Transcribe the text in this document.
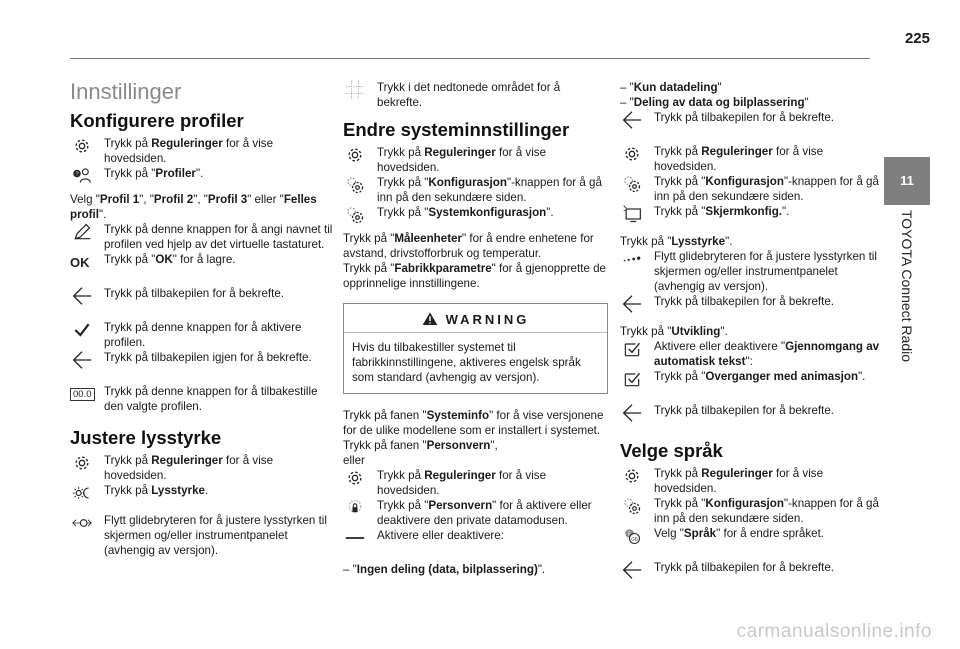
225
11
TOYOTA Connect Radio
Innstillinger
Konfigurere profiler
Trykk på Reguleringer for å vise hovedsiden.
Trykk på "Profiler".

Velg "Profil 1", "Profil 2", "Profil 3" eller "Felles profil".

Trykk på denne knappen for å angi navnet til profilen ved hjelp av det virtuelle tastaturet.
OK Trykk på "OK" for å lagre.
Trykk på tilbakepilen for å bekrefte.
Trykk på denne knappen for å aktivere profilen.
Trykk på tilbakepilen igjen for å bekrefte.
00.0 Trykk på denne knappen for å tilbakestille den valgte profilen.
Justere lysstyrke
Trykk på Reguleringer for å vise hovedsiden.
Trykk på Lysstyrke.
Flytt glidebryteren for å justere lysstyrken til skjermen og/eller instrumentpanelet (avhengig av versjon).
Trykk i det nedtonede området for å bekrefte.
Endre systeminnstillinger
Trykk på Reguleringer for å vise hovedsiden.
Trykk på "Konfigurasjon"-knappen for å gå inn på den sekundære siden.
Trykk på "Systemkonfigurasjon".

Trykk på "Måleenheter" for å endre enhetene for avstand, drivstofforbruk og temperatur.

Trykk på "Fabrikkparametre" for å gjenopprette de opprinnelige innstillingene.

WARNING
Hvis du tilbakestiller systemet til fabrikkinnstillingene, aktiveres engelsk språk som standard (avhengig av versjon).

Trykk på fanen "Systeminfo" for å vise versjonene for de ulike modellene som er installert i systemet.

Trykk på fanen "Personvern",

eller

Trykk på Reguleringer for å vise hovedsiden.
Trykk på "Personvern" for å aktivere eller deaktivere den private datamodusen.
Aktivere eller deaktivere:

– "Ingen deling (data, bilplassering)".

– "Kun datadeling"

– "Deling av data og bilplassering"

Trykk på tilbakepilen for å bekrefte.
Trykk på Reguleringer for å vise hovedsiden.
Trykk på "Konfigurasjon"-knappen for å gå inn på den sekundære siden.
Trykk på "Skjermkonfig.".

Trykk på "Lysstyrke".

Flytt glidebryteren for å justere lysstyrken til skjermen og/eller instrumentpanelet (avhengig av versjon).
Trykk på tilbakepilen for å bekrefte.

Trykk på "Utvikling".

Aktivere eller deaktivere "Gjennomgang av automatisk tekst":
Trykk på "Overganger med animasjon".
Trykk på tilbakepilen for å bekrefte.
Velge språk
Trykk på Reguleringer for å vise hovedsiden.
Trykk på "Konfigurasjon"-knappen for å gå inn på den sekundære siden.
Velg "Språk" for å endre språket.
Trykk på tilbakepilen for å bekrefte.
carmanualsonline.info
